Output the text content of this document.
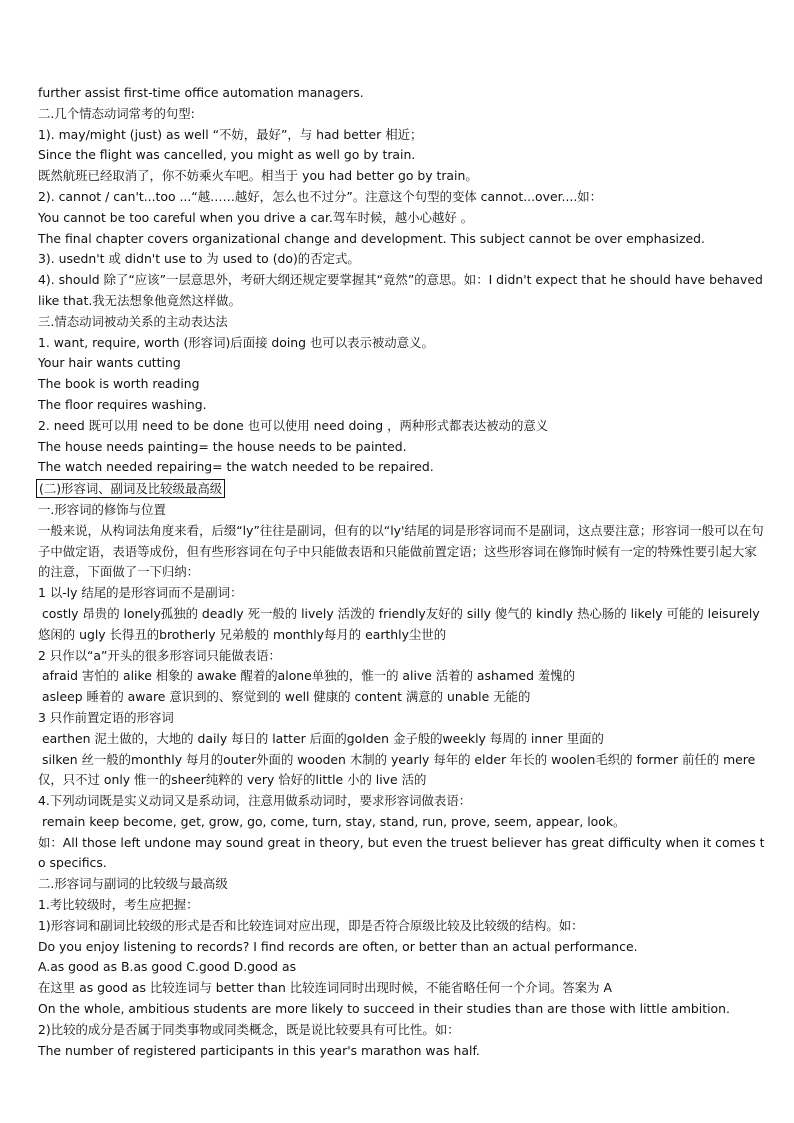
further assist first-time office automation managers.

二.几个情态动词常考的句型:

1). may/might (just) as well “不妨，最好”，与 had better 相近；

Since the flight was cancelled, you might as well go by train.

既然航班已经取消了，你不妨乘火车吧。相当于 you had better go by train。

2). cannot / can't...too ...“越……越好，怎么也不过分”。注意这个句型的变体 cannot...over....如：

You cannot be too careful when you drive a car.驾车时候，越小心越好 。

The final chapter covers organizational change and development. This subject cannot be over emphasized.

3). usedn't 或 didn't use to 为 used to (do)的否定式。

4). should 除了“应该”一层意思外，考研大纲还规定要掌握其“竟然”的意思。如：I didn't expect that he should have behaved like that.我无法想象他竟然这样做。

三.情态动词被动关系的主动表达法

1. want, require, worth (形容词)后面接 doing 也可以表示被动意义。

Your hair wants cutting

The book is worth reading

The floor requires washing.

2. need 既可以用 need to be done 也可以使用 need doing ，两种形式都表达被动的意义

The house needs painting= the house needs to be painted.

The watch needed repairing= the watch needed to be repaired.

(二)形容词、副词及比较级最高级

一.形容词的修饰与位置

一般来说，从构词法角度来看，后缀“ly”往往是副词，但有的以“ly'结尾的词是形容词而不是副词，这点要注意；形容词一般可以在句子中做定语，表语等成份，但有些形容词在句子中只能做表语和只能做前置定语；这些形容词在修饰时候有一定的特殊性要引起大家的注意，下面做了一下归纳：

1 以-ly 结尾的是形容词而不是副词：

costly 昂贵的 lonely孤独的 deadly 死一般的 lively 活泼的 friendly友好的 silly 傻气的 kindly 热心肠的 likely 可能的 leisurely 悠闲的 ugly 长得丑的brotherly 兄弟般的 monthly每月的 earthly尘世的

2 只作以“a”开头的很多形容词只能做表语：

afraid 害怕的 alike 相象的 awake 醒着的alone单独的，惟一的 alive 活着的 ashamed 羞愧的

asleep 睡着的 aware 意识到的、察觉到的 well 健康的 content 满意的 unable 无能的

3 只作前置定语的形容词

earthen 泥土做的，大地的 daily 每日的 latter 后面的golden 金子般的weekly 每周的 inner 里面的

silken 丝一般的monthly 每月的outer外面的 wooden 木制的 yearly 每年的 elder 年长的 woolen毛织的 former 前任的 mere 仅，只不过 only 惟一的sheer纯粹的 very 恰好的little 小的 live 活的

4.下列动词既是实义动词又是系动词，注意用做系动词时，要求形容词做表语：

remain keep become, get, grow, go, come, turn, stay, stand, run, prove, seem, appear, look。

如：All those left undone may sound great in theory, but even the truest believer has great difficulty when it comes to specifics.

二.形容词与副词的比较级与最高级

1.考比较级时，考生应把握：

1)形容词和副词比较级的形式是否和比较连词对应出现，即是否符合原级比较及比较级的结构。如：

Do you enjoy listening to records? I find records are often, or better than an actual performance.

A.as good as B.as good C.good D.good as

在这里 as good as 比较连词与 better than 比较连词同时出现时候，不能省略任何一个介词。答案为 A

On the whole, ambitious students are more likely to succeed in their studies than are those with little ambition.

2)比较的成分是否属于同类事物或同类概念，既是说比较要具有可比性。如：

The number of registered participants in this year's marathon was half.
